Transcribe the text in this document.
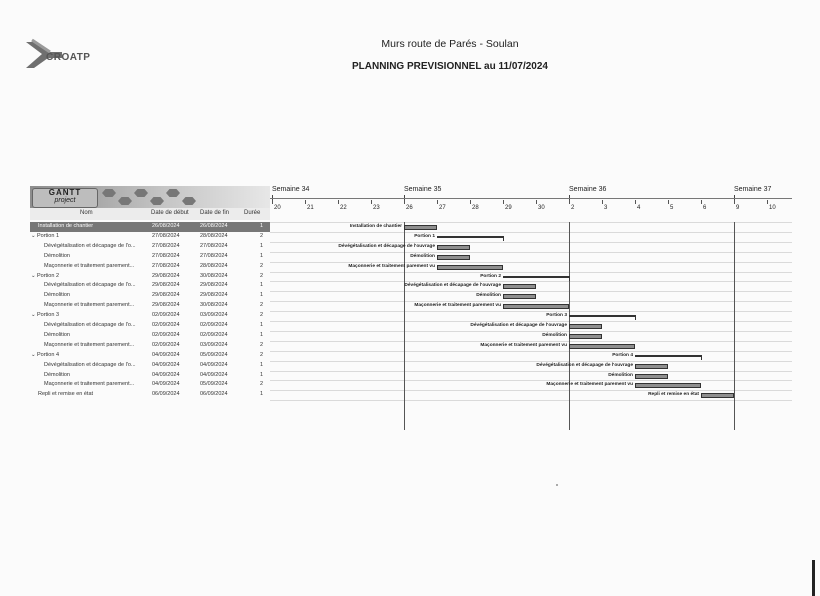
CROATP
Murs route de Parés - Soulan
PLANNING PREVISIONNEL au 11/07/2024
GANTT
project
Nom	Date de début Date de fin Durée
Installation de chantier	26/08/2024	26/08/2024	1
⌄ Portion 1	27/08/2024	28/08/2024	2
Dévégétalisation et décapage de l'o...	27/08/2024	27/08/2024	1
Démolition	27/08/2024	27/08/2024	1
Maçonnerie et traitement parement...	27/08/2024	28/08/2024	2
⌄ Portion 2	29/08/2024	30/08/2024	2
Dévégétalisation et décapage de l'o...	29/08/2024	29/08/2024	1
Démolition	29/08/2024	29/08/2024	1
Maçonnerie et traitement parement...	29/08/2024	30/08/2024	2
⌄ Portion 3	02/09/2024	03/09/2024	2
Dévégétalisation et décapage de l'o...	02/09/2024	02/09/2024	1
Démolition	02/09/2024	02/09/2024	1
Maçonnerie et traitement parement...	02/09/2024	03/09/2024	2
⌄ Portion 4	04/09/2024	05/09/2024	2
Dévégétalisation et décapage de l'o...	04/09/2024	04/09/2024	1
Démolition	04/09/2024	04/09/2024	1
Maçonnerie et traitement parement...	04/09/2024	05/09/2024	2
Repli et remise en état	06/09/2024	06/09/2024	1
Semaine 34	Semaine 35	Semaine 36	Semaine 37
20	21	22	23	26	27	28	29	30	2	3	4	5	6	9	10
Installation de chantier
Portion 1
Dévégétalisation et décapage de l'ouvrage
Démolition
Maçonnerie et traitement parement vu
Portion 2
Dévégétalisation et décapage de l'ouvrage
Démolition
Maçonnerie et traitement parement vu
Portion 3
Dévégétalisation et décapage de l'ouvrage
Démolition
Maçonnerie et traitement parement vu
Portion 4
Dévégétalisation et décapage de l'ouvrage
Démolition
Maçonnerie et traitement parement vu
Repli et remise en état
